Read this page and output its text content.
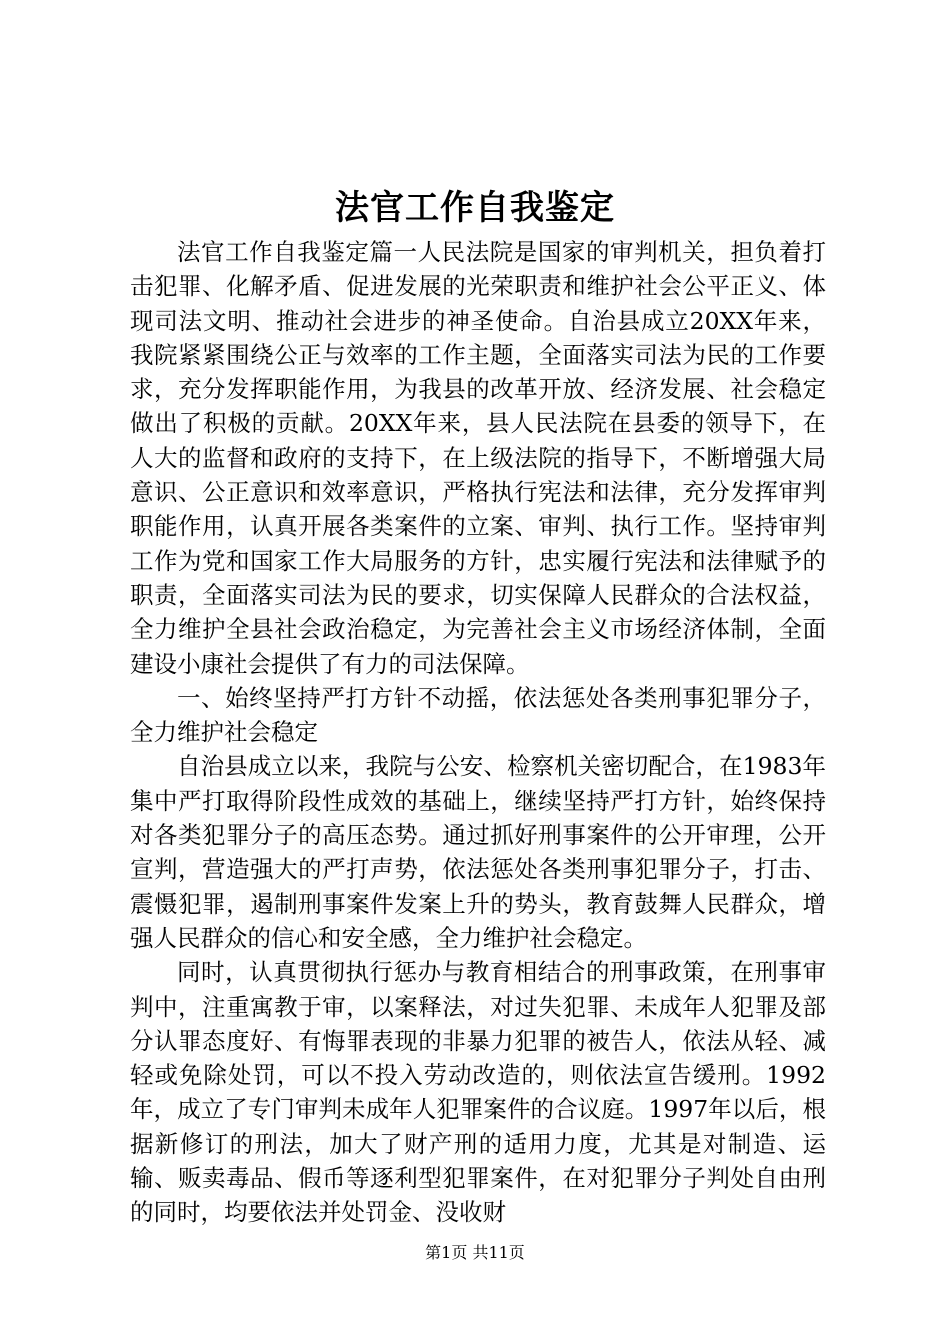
法官工作自我鉴定

法官工作自我鉴定篇一人民法院是国家的审判机关，担负着打击犯罪、化解矛盾、促进发展的光荣职责和维护社会公平正义、体现司法文明、推动社会进步的神圣使命。自治县成立20XX年来，我院紧紧围绕公正与效率的工作主题，全面落实司法为民的工作要求，充分发挥职能作用，为我县的改革开放、经济发展、社会稳定做出了积极的贡献。20XX年来，县人民法院在县委的领导下，在人大的监督和政府的支持下，在上级法院的指导下，不断增强大局意识、公正意识和效率意识，严格执行宪法和法律，充分发挥审判职能作用，认真开展各类案件的立案、审判、执行工作。坚持审判工作为党和国家工作大局服务的方针，忠实履行宪法和法律赋予的职责，全面落实司法为民的要求，切实保障人民群众的合法权益，全力维护全县社会政治稳定，为完善社会主义市场经济体制，全面建设小康社会提供了有力的司法保障。

一、始终坚持严打方针不动摇，依法惩处各类刑事犯罪分子，全力维护社会稳定

自治县成立以来，我院与公安、检察机关密切配合，在1983年集中严打取得阶段性成效的基础上，继续坚持严打方针，始终保持对各类犯罪分子的高压态势。通过抓好刑事案件的公开审理，公开宣判，营造强大的严打声势，依法惩处各类刑事犯罪分子，打击、震慑犯罪，遏制刑事案件发案上升的势头，教育鼓舞人民群众，增强人民群众的信心和安全感，全力维护社会稳定。

同时，认真贯彻执行惩办与教育相结合的刑事政策，在刑事审判中，注重寓教于审，以案释法，对过失犯罪、未成年人犯罪及部分认罪态度好、有悔罪表现的非暴力犯罪的被告人，依法从轻、减轻或免除处罚，可以不投入劳动改造的，则依法宣告缓刑。1992年，成立了专门审判未成年人犯罪案件的合议庭。1997年以后，根据新修订的刑法，加大了财产刑的适用力度，尤其是对制造、运输、贩卖毒品、假币等逐利型犯罪案件，在对犯罪分子判处自由刑的同时，均要依法并处罚金、没收财

第1页 共11页
